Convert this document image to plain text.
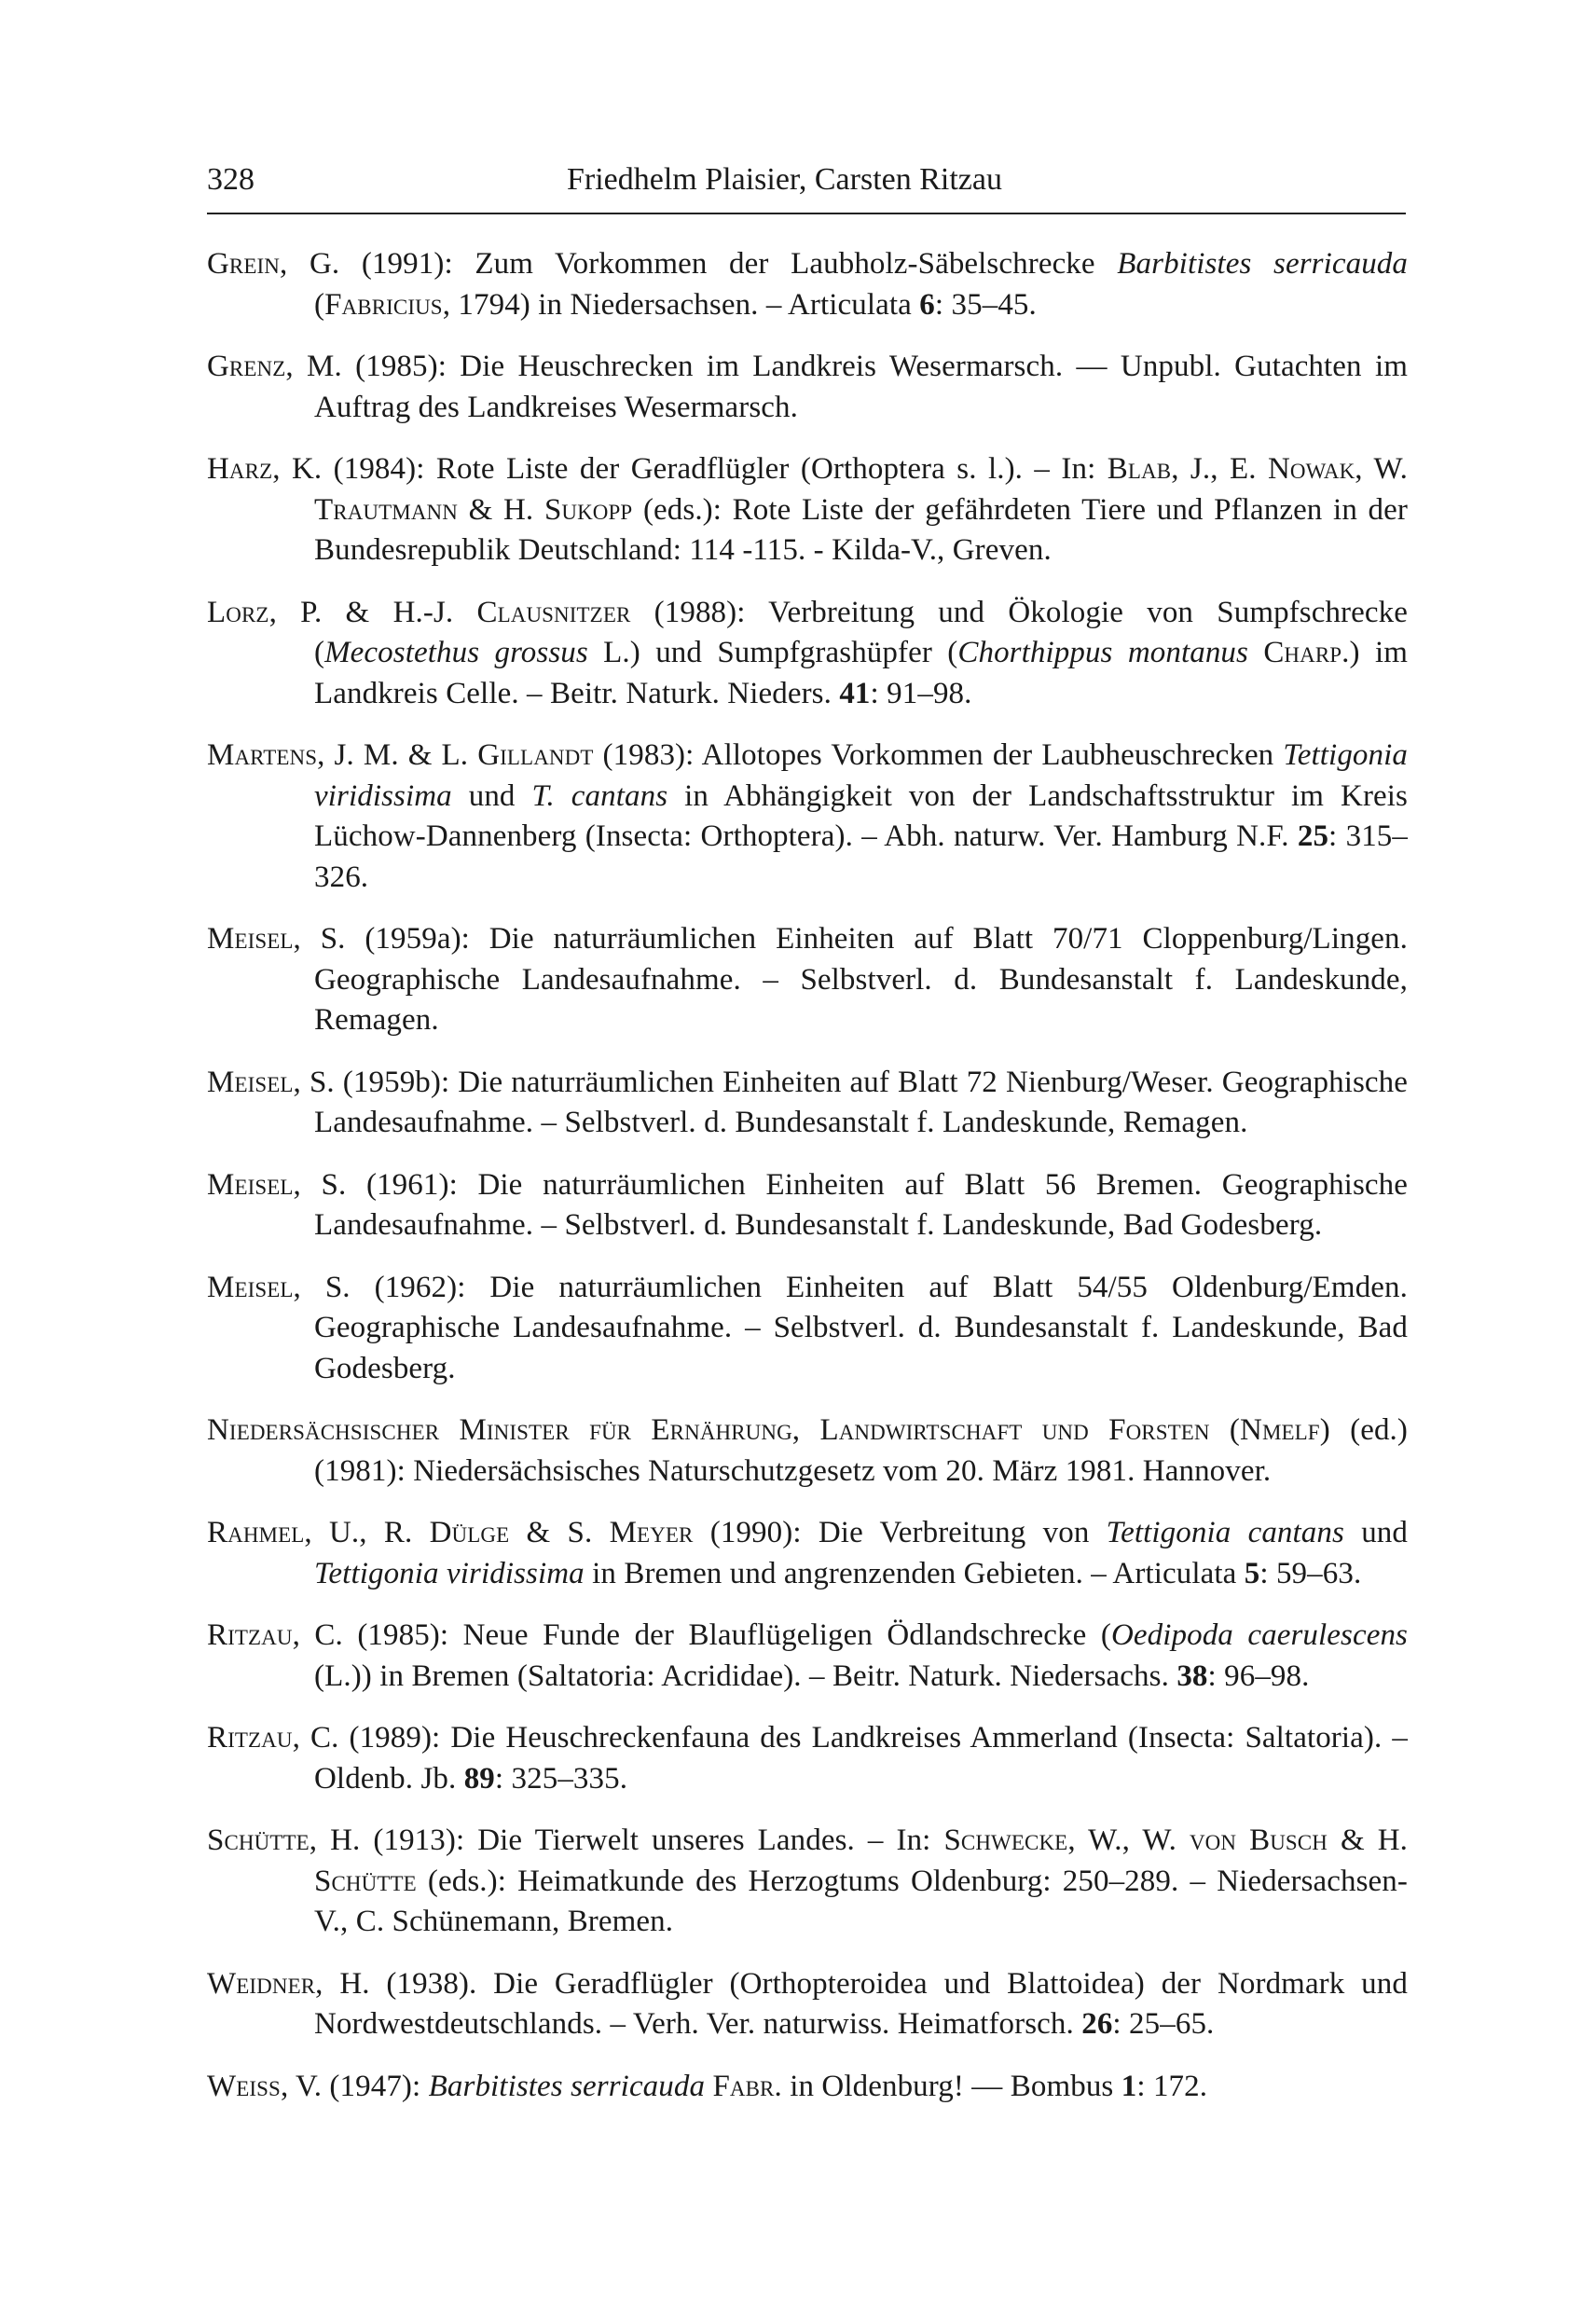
328	Friedhelm Plaisier, Carsten Ritzau
Grein, G. (1991): Zum Vorkommen der Laubholz-Säbelschrecke Barbitistes serricauda (Fabricius, 1794) in Niedersachsen. – Articulata 6: 35–45.
Grenz, M. (1985): Die Heuschrecken im Landkreis Wesermarsch. — Unpubl. Gutachten im Auftrag des Landkreises Wesermarsch.
Harz, K. (1984): Rote Liste der Geradflügler (Orthoptera s. l.). – In: Blab, J., E. Nowak, W. Trautmann & H. Sukopp (eds.): Rote Liste der gefährdeten Tiere und Pflanzen in der Bundesrepublik Deutschland: 114 -115. - Kilda-V., Greven.
Lorz, P. & H.-J. Clausnitzer (1988): Verbreitung und Ökologie von Sumpfschrecke (Mecostethus grossus L.) und Sumpfgrashüpfer (Chorthippus montanus Charp.) im Landkreis Celle. – Beitr. Naturk. Nieders. 41: 91–98.
Martens, J. M. & L. Gillandt (1983): Allotopes Vorkommen der Laubheuschrecken Tettigonia viridissima und T. cantans in Abhängigkeit von der Landschaftsstruktur im Kreis Lüchow-Dannenberg (Insecta: Orthoptera). – Abh. naturw. Ver. Hamburg N.F. 25: 315–326.
Meisel, S. (1959a): Die naturräumlichen Einheiten auf Blatt 70/71 Cloppenburg/Lingen. Geographische Landesaufnahme. – Selbstverl. d. Bundesanstalt f. Landeskunde, Remagen.
Meisel, S. (1959b): Die naturräumlichen Einheiten auf Blatt 72 Nienburg/Weser. Geographische Landesaufnahme. – Selbstverl. d. Bundesanstalt f. Landeskunde, Remagen.
Meisel, S. (1961): Die naturräumlichen Einheiten auf Blatt 56 Bremen. Geographische Landesaufnahme. – Selbstverl. d. Bundesanstalt f. Landeskunde, Bad Godesberg.
Meisel, S. (1962): Die naturräumlichen Einheiten auf Blatt 54/55 Oldenburg/Emden. Geographische Landesaufnahme. – Selbstverl. d. Bundesanstalt f. Landeskunde, Bad Godesberg.
Niedersächsischer Minister für Ernährung, Landwirtschaft und Forsten (Nmelf) (ed.) (1981): Niedersächsisches Naturschutzgesetz vom 20. März 1981. Hannover.
Rahmel, U., R. Dülge & S. Meyer (1990): Die Verbreitung von Tettigonia cantans und Tettigonia viridissima in Bremen und angrenzenden Gebieten. – Articulata 5: 59–63.
Ritzau, C. (1985): Neue Funde der Blauflügeligen Ödlandschrecke (Oedipoda caerulescens (L.)) in Bremen (Saltatoria: Acrididae). – Beitr. Naturk. Niedersachs. 38: 96–98.
Ritzau, C. (1989): Die Heuschreckenfauna des Landkreises Ammerland (Insecta: Saltatoria). – Oldenb. Jb. 89: 325–335.
Schütte, H. (1913): Die Tierwelt unseres Landes. – In: Schwecke, W., W. von Busch & H. Schütte (eds.): Heimatkunde des Herzogtums Oldenburg: 250–289. – Niedersachsen-V., C. Schünemann, Bremen.
Weidner, H. (1938). Die Geradflügler (Orthopteroidea und Blattoidea) der Nordmark und Nordwestdeutschlands. – Verh. Ver. naturwiss. Heimatforsch. 26: 25–65.
Weiss, V. (1947): Barbitistes serricauda Fabr. in Oldenburg! — Bombus 1: 172.
